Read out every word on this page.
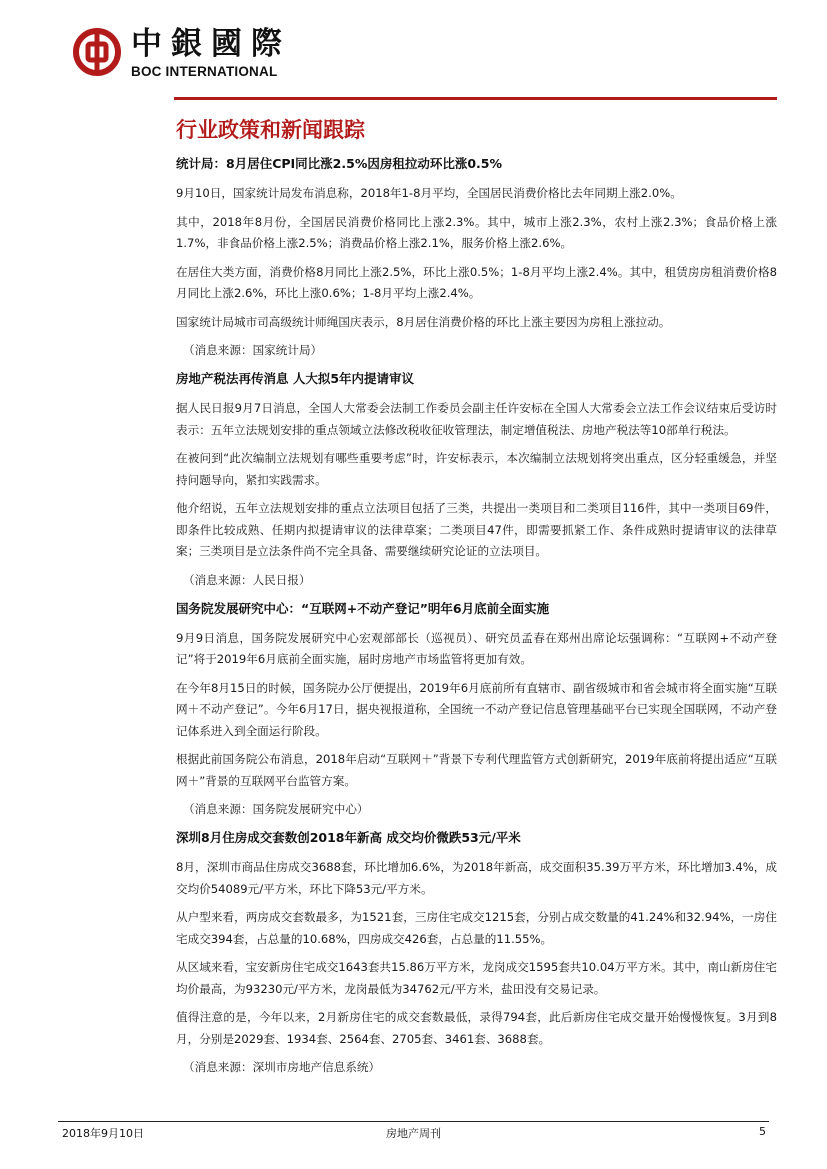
中銀國際
BOC INTERNATIONAL
行业政策和新闻跟踪
统计局：8月居住CPI同比涨2.5%因房租拉动环比涨0.5%

9月10日，国家统计局发布消息称，2018年1-8月平均，全国居民消费价格比去年同期上涨2.0%。

其中，2018年8月份，全国居民消费价格同比上涨2.3%。其中，城市上涨2.3%，农村上涨2.3%；食品价格上涨1.7%，非食品价格上涨2.5%；消费品价格上涨2.1%，服务价格上涨2.6%。

在居住大类方面，消费价格8月同比上涨2.5%，环比上涨0.5%；1-8月平均上涨2.4%。其中，租赁房房租消费价格8月同比上涨2.6%，环比上涨0.6%；1-8月平均上涨2.4%。

国家统计局城市司高级统计师绳国庆表示，8月居住消费价格的环比上涨主要因为房租上涨拉动。

（消息来源：国家统计局）
房地产税法再传消息 人大拟5年内提请审议

据人民日报9月7日消息，全国人大常委会法制工作委员会副主任许安标在全国人大常委会立法工作会议结束后受访时表示：五年立法规划安排的重点领域立法修改税收征收管理法，制定增值税法、房地产税法等10部单行税法。

在被问到“此次编制立法规划有哪些重要考虑”时，许安标表示，本次编制立法规划将突出重点，区分轻重缓急，并坚持问题导向，紧扣实践需求。

他介绍说，五年立法规划安排的重点立法项目包括了三类，共提出一类项目和二类项目116件，其中一类项目69件，即条件比较成熟、任期内拟提请审议的法律草案；二类项目47件，即需要抓紧工作、条件成熟时提请审议的法律草案；三类项目是立法条件尚不完全具备、需要继续研究论证的立法项目。

（消息来源：人民日报）
国务院发展研究中心：“互联网+不动产登记”明年6月底前全面实施

9月9日消息，国务院发展研究中心宏观部部长（巡视员）、研究员孟春在郑州出席论坛强调称：“互联网+不动产登记”将于2019年6月底前全面实施，届时房地产市场监管将更加有效。

在今年8月15日的时候，国务院办公厅便提出，2019年6月底前所有直辖市、副省级城市和省会城市将全面实施“互联网＋不动产登记”。今年6月17日，据央视报道称，全国统一不动产登记信息管理基础平台已实现全国联网，不动产登记体系进入到全面运行阶段。

根据此前国务院公布消息，2018年启动“互联网＋”背景下专利代理监管方式创新研究，2019年底前将提出适应“互联网＋”背景的互联网平台监管方案。

（消息来源：国务院发展研究中心）
深圳8月住房成交套数创2018年新高 成交均价微跌53元/平米

8月，深圳市商品住房成交3688套，环比增加6.6%，为2018年新高，成交面积35.39万平方米，环比增加3.4%，成交均价54089元/平方米，环比下降53元/平方米。

从户型来看，两房成交套数最多，为1521套，三房住宅成交1215套，分别占成交数量的41.24%和32.94%，一房住宅成交394套，占总量的10.68%，四房成交426套，占总量的11.55%。

从区域来看，宝安新房住宅成交1643套共15.86万平方米，龙岗成交1595套共10.04万平方米。其中，南山新房住宅均价最高，为93230元/平方米，龙岗最低为34762元/平方米，盐田没有交易记录。

值得注意的是，今年以来，2月新房住宅的成交套数最低，录得794套，此后新房住宅成交量开始慢慢恢复。3月到8月，分别是2029套、1934套、2564套、2705套、3461套、3688套。

（消息来源：深圳市房地产信息系统）
2018年9月10日	房地产周刊	5
